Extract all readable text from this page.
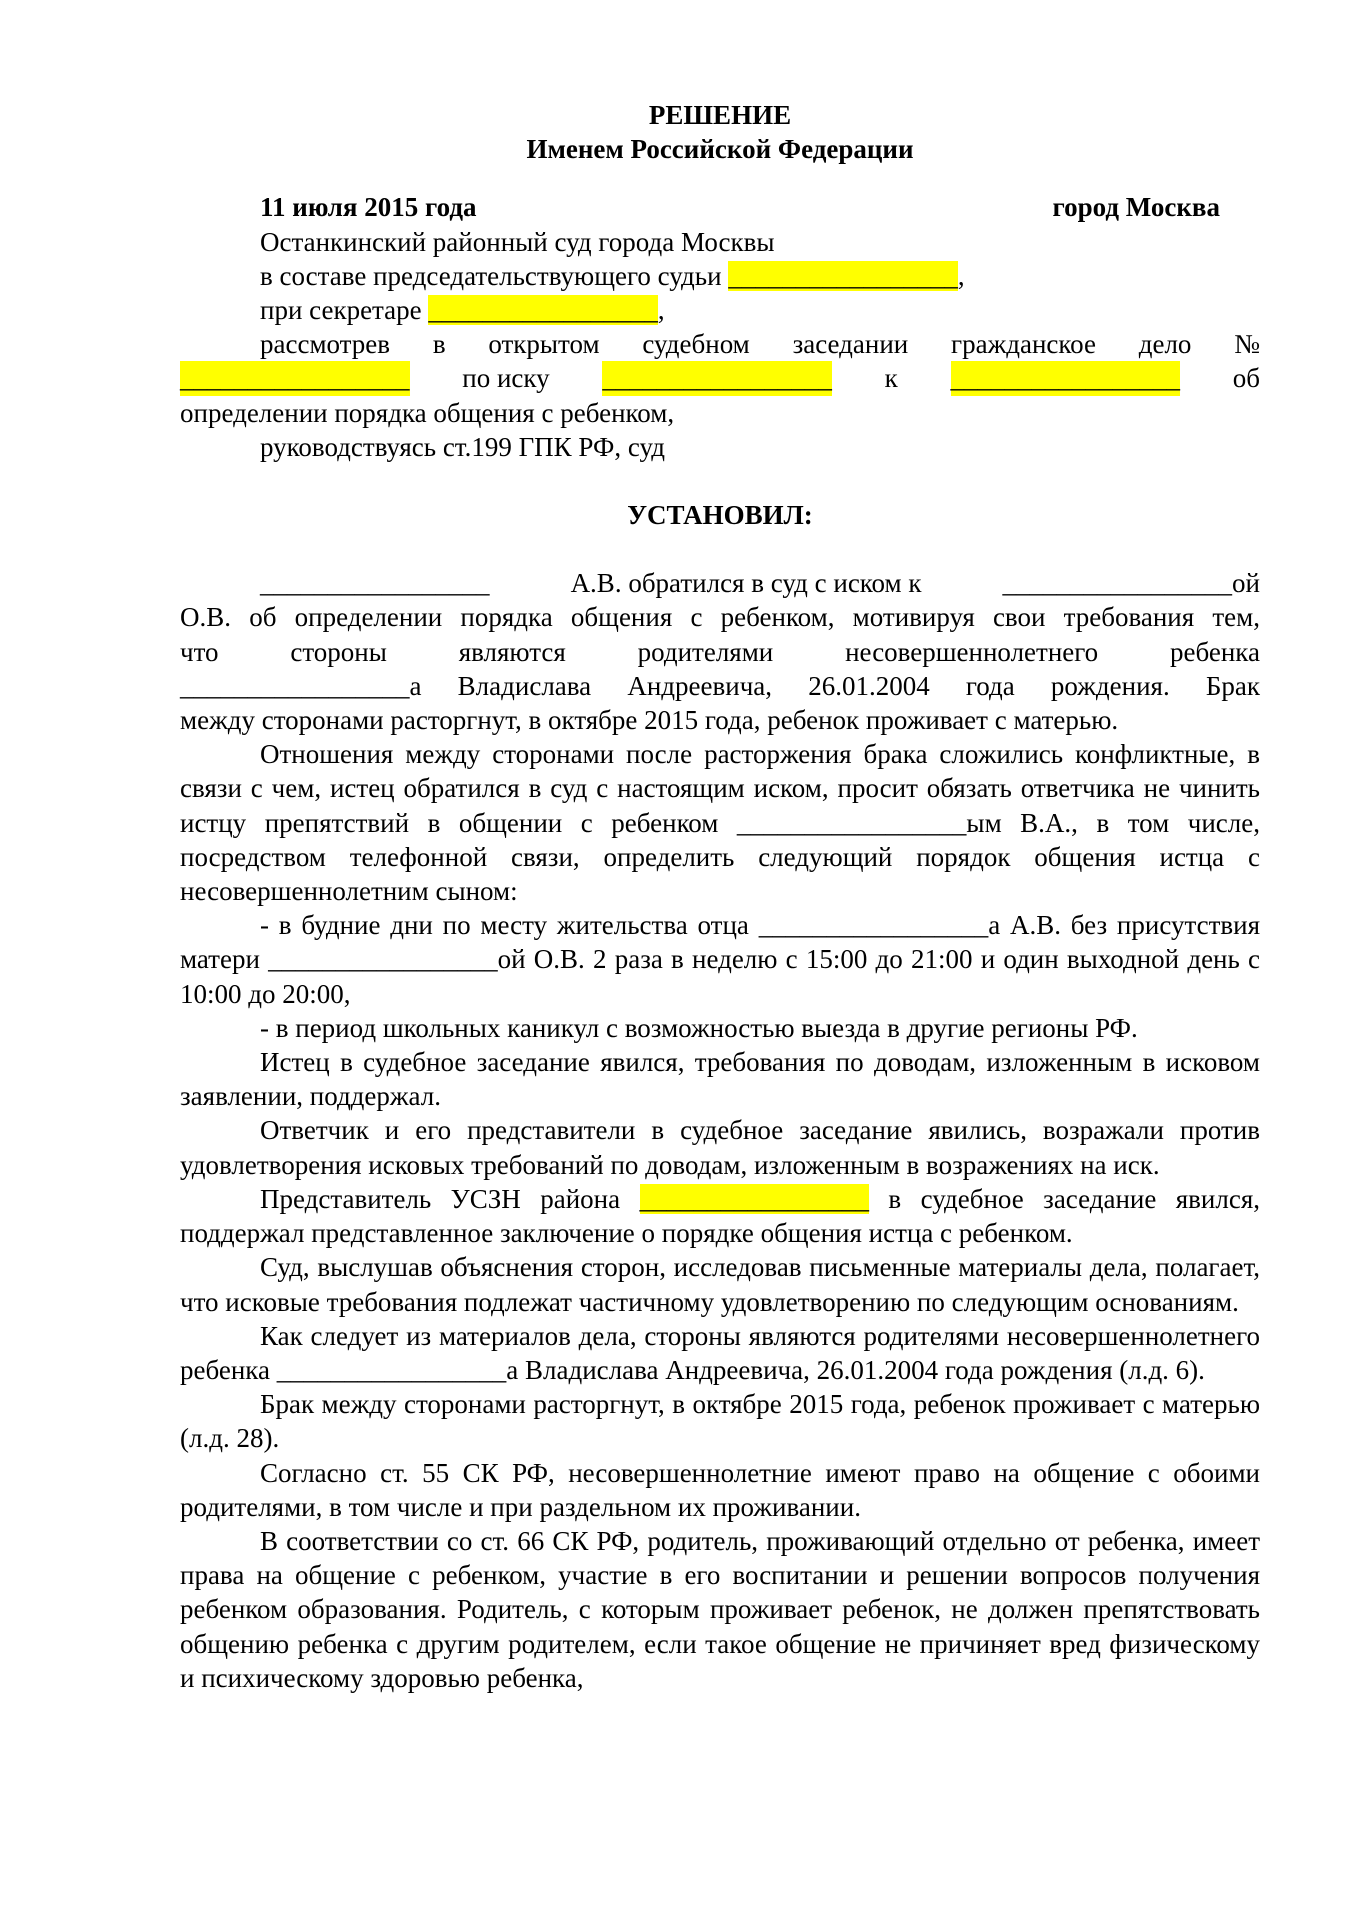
РЕШЕНИЕ
Именем Российской Федерации
11 июля 2015 года	город Москва

Останкинский районный суд города Москвы

в составе председательствующего судьи _________________,

при секретаре _________________,

рассмотрев в открытом судебном заседании гражданское дело №
_________________ по иску _________________ к _________________ об

определении порядка общения с ребенком,

руководствуясь ст.199 ГПК РФ, суд

УСТАНОВИЛ:
_________________	А.В. обратился в суд с иском к	_________________ой

О.В. об определении порядка общения с ребенком, мотивируя свои требования тем,

что стороны являются родителями несовершеннолетнего ребенка

_________________а Владислава Андреевича, 26.01.2004 года рождения. Брак

между сторонами расторгнут, в октябре 2015 года, ребенок проживает с матерью.

Отношения между сторонами после расторжения брака сложились конфликтные, в связи с чем, истец обратился в суд с настоящим иском, просит обязать ответчика не чинить истцу препятствий в общении с ребенком _________________ым В.А., в том числе, посредством телефонной связи, определить следующий порядок общения истца с несовершеннолетним сыном:

- в будние дни по месту жительства отца _________________а А.В. без присутствия матери _________________ой О.В. 2 раза в неделю с 15:00 до 21:00 и один выходной день с 10:00 до 20:00,

- в период школьных каникул с возможностью выезда в другие регионы РФ.

Истец в судебное заседание явился, требования по доводам, изложенным в исковом заявлении, поддержал.

Ответчик и его представители в судебное заседание явились, возражали против удовлетворения исковых требований по доводам, изложенным в возражениях на иск.

Представитель УСЗН района _________________ в судебное заседание явился, поддержал представленное заключение о порядке общения истца с ребенком.

Суд, выслушав объяснения сторон, исследовав письменные материалы дела, полагает, что исковые требования подлежат частичному удовлетворению по следующим основаниям.

Как следует из материалов дела, стороны являются родителями несовершеннолетнего ребенка _________________а Владислава Андреевича, 26.01.2004 года рождения (л.д. 6).

Брак между сторонами расторгнут, в октябре 2015 года, ребенок проживает с матерью (л.д. 28).

Согласно ст. 55 СК РФ, несовершеннолетние имеют право на общение с обоими родителями, в том числе и при раздельном их проживании.

В соответствии со ст. 66 СК РФ, родитель, проживающий отдельно от ребенка, имеет права на общение с ребенком, участие в его воспитании и решении вопросов получения ребенком образования. Родитель, с которым проживает ребенок, не должен препятствовать общению ребенка с другим родителем, если такое общение не причиняет вред физическому и психическому здоровью ребенка,
